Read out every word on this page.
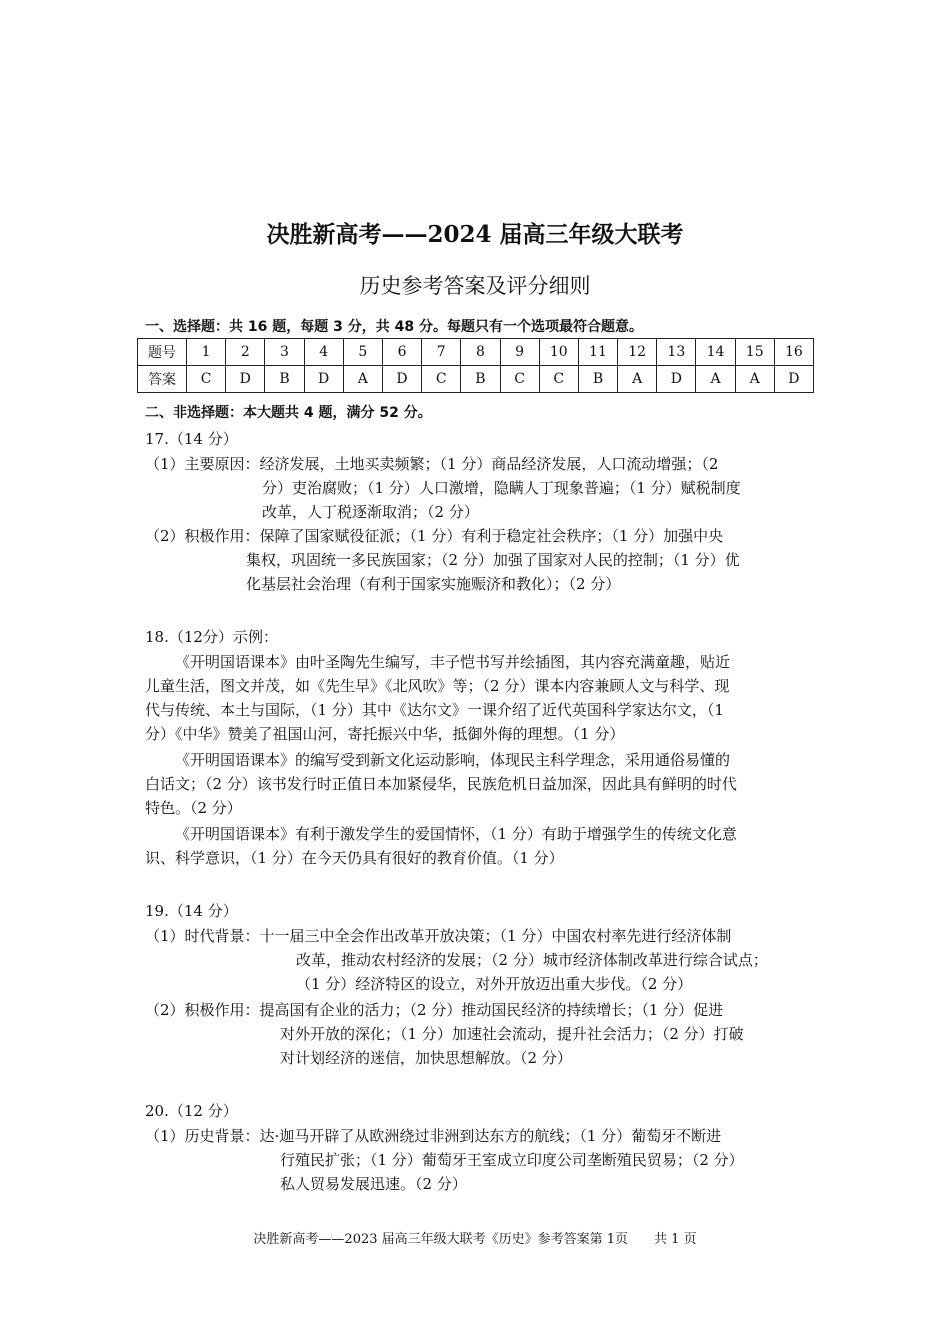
决胜新高考——2024 届高三年级大联考
历史参考答案及评分细则
一、选择题：共 16 题，每题 3 分，共 48 分。每题只有一个选项最符合题意。
题号	1	2	3	4	5	6	7	8	9	10	11	12	13	14	15	16
答案	C	D	B	D	A	D	C	B	C	C	B	A	D	A	A	D
二、非选择题：本大题共 4 题，满分 52 分。
17.（14 分）
（1）主要原因：经济发展，土地买卖频繁；（1 分）商品经济发展，人口流动增强；（2
分）吏治腐败；（1 分）人口激增，隐瞒人丁现象普遍；（1 分）赋税制度
改革，人丁税逐渐取消；（2 分）
（2）积极作用：保障了国家赋役征派；（1 分）有利于稳定社会秩序；（1 分）加强中央
集权，巩固统一多民族国家；（2 分）加强了国家对人民的控制；（1 分）优
化基层社会治理（有利于国家实施赈济和教化）；（2 分）
18.（12分）示例：
《开明国语课本》由叶圣陶先生编写，丰子恺书写并绘插图，其内容充满童趣，贴近
儿童生活，图文并茂，如《先生早》《北风吹》等；（2 分）课本内容兼顾人文与科学、现
代与传统、本土与国际，（1 分）其中《达尔文》一课介绍了近代英国科学家达尔文，（1
分）《中华》赞美了祖国山河，寄托振兴中华，抵御外侮的理想。（1 分）
《开明国语课本》的编写受到新文化运动影响，体现民主科学理念，采用通俗易懂的
白话文；（2 分）该书发行时正值日本加紧侵华，民族危机日益加深，因此具有鲜明的时代
特色。（2 分）
《开明国语课本》有利于激发学生的爱国情怀，（1 分）有助于增强学生的传统文化意
识、科学意识，（1 分）在今天仍具有很好的教育价值。（1 分）
19.（14 分）
（1）时代背景：十一届三中全会作出改革开放决策；（1 分）中国农村率先进行经济体制
改革，推动农村经济的发展；（2 分）城市经济体制改革进行综合试点；
（1 分）经济特区的设立，对外开放迈出重大步伐。（2 分）
（2）积极作用：提高国有企业的活力；（2 分）推动国民经济的持续增长；（1 分）促进
对外开放的深化；（1 分）加速社会流动，提升社会活力；（2 分）打破
对计划经济的迷信，加快思想解放。（2 分）
20.（12 分）
（1）历史背景：达·迦马开辟了从欧洲绕过非洲到达东方的航线；（1 分）葡萄牙不断进
行殖民扩张；（1 分）葡萄牙王室成立印度公司垄断殖民贸易；（2 分）
私人贸易发展迅速。（2 分）
决胜新高考——2023 届高三年级大联考《历史》参考答案第 1页　　共 1 页
